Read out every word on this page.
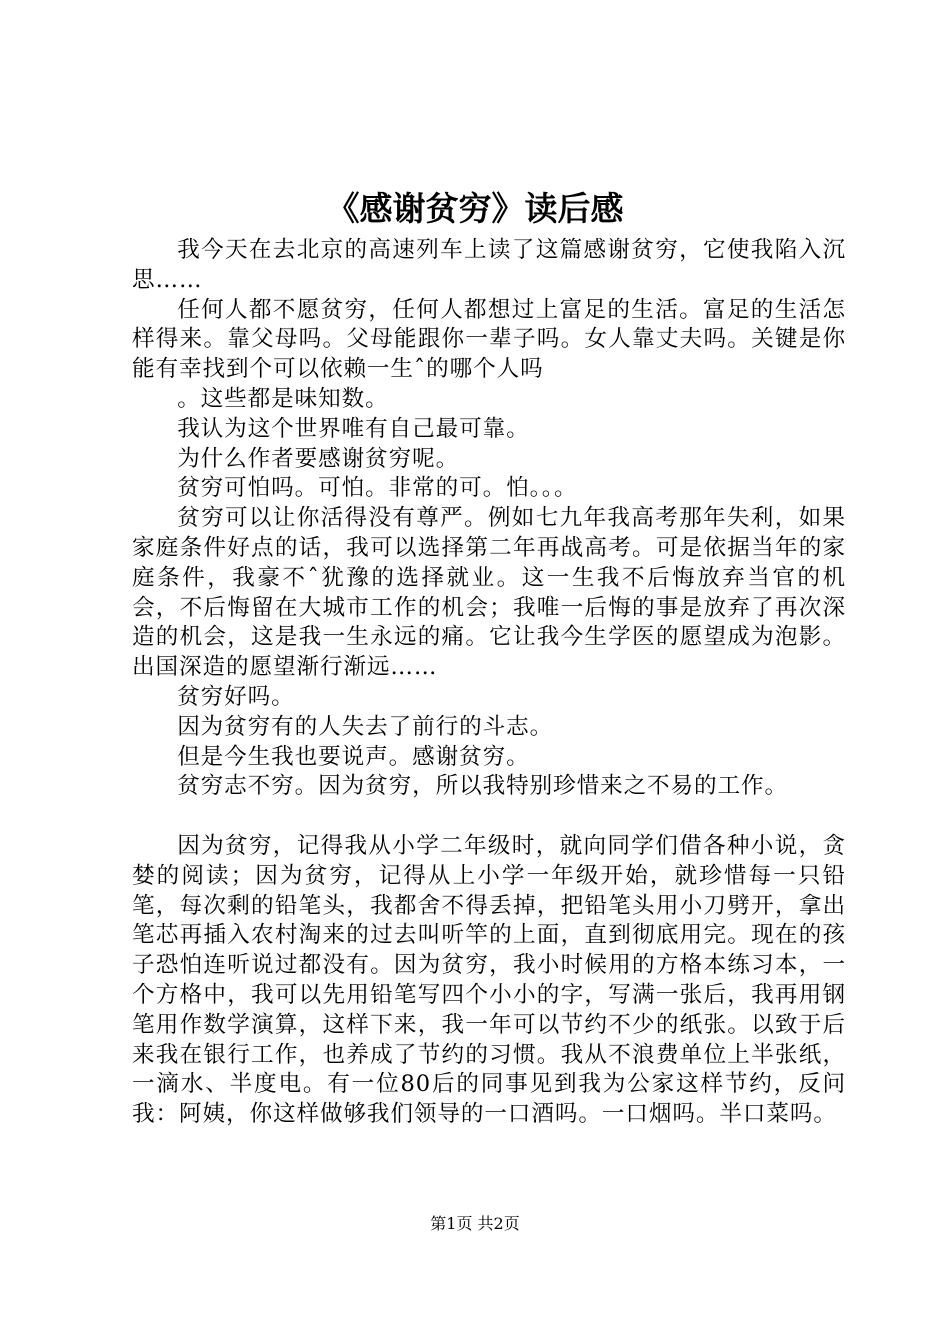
《感谢贫穷》读后感

我今天在去北京的高速列车上读了这篇感谢贫穷，它使我陷入沉思……

任何人都不愿贫穷，任何人都想过上富足的生活。富足的生活怎样得来。靠父母吗。父母能跟你一辈子吗。女人靠丈夫吗。关键是你能有幸找到个可以依赖一生ˆ的哪个人吗

。这些都是味知数。

我认为这个世界唯有自己最可靠。

为什么作者要感谢贫穷呢。

贫穷可怕吗。可怕。非常的可。怕。。。

贫穷可以让你活得没有尊严。例如七九年我高考那年失利，如果家庭条件好点的话，我可以选择第二年再战高考。可是依据当年的家庭条件，我豪不ˆ犹豫的选择就业。这一生我不后悔放弃当官的机会，不后悔留在大城市工作的机会；我唯一后悔的事是放弃了再次深造的机会，这是我一生永远的痛。它让我今生学医的愿望成为泡影。出国深造的愿望渐行渐远……

贫穷好吗。

因为贫穷有的人失去了前行的斗志。

但是今生我也要说声。感谢贫穷。

贫穷志不穷。因为贫穷，所以我特别珍惜来之不易的工作。

因为贫穷，记得我从小学二年级时，就向同学们借各种小说，贪婪的阅读；因为贫穷，记得从上小学一年级开始，就珍惜每一只铅笔，每次剩的铅笔头，我都舍不得丢掉，把铅笔头用小刀劈开，拿出笔芯再插入农村淘来的过去叫听竿的上面，直到彻底用完。现在的孩子恐怕连听说过都没有。因为贫穷，我小时候用的方格本练习本，一个方格中，我可以先用铅笔写四个小小的字，写满一张后，我再用钢笔用作数学演算，这样下来，我一年可以节约不少的纸张。以致于后来我在银行工作，也养成了节约的习惯。我从不浪费单位上半张纸，一滴水、半度电。有一位80后的同事见到我为公家这样节约，反问我：阿姨，你这样做够我们领导的一口酒吗。一口烟吗。半口菜吗。

第1页 共2页
